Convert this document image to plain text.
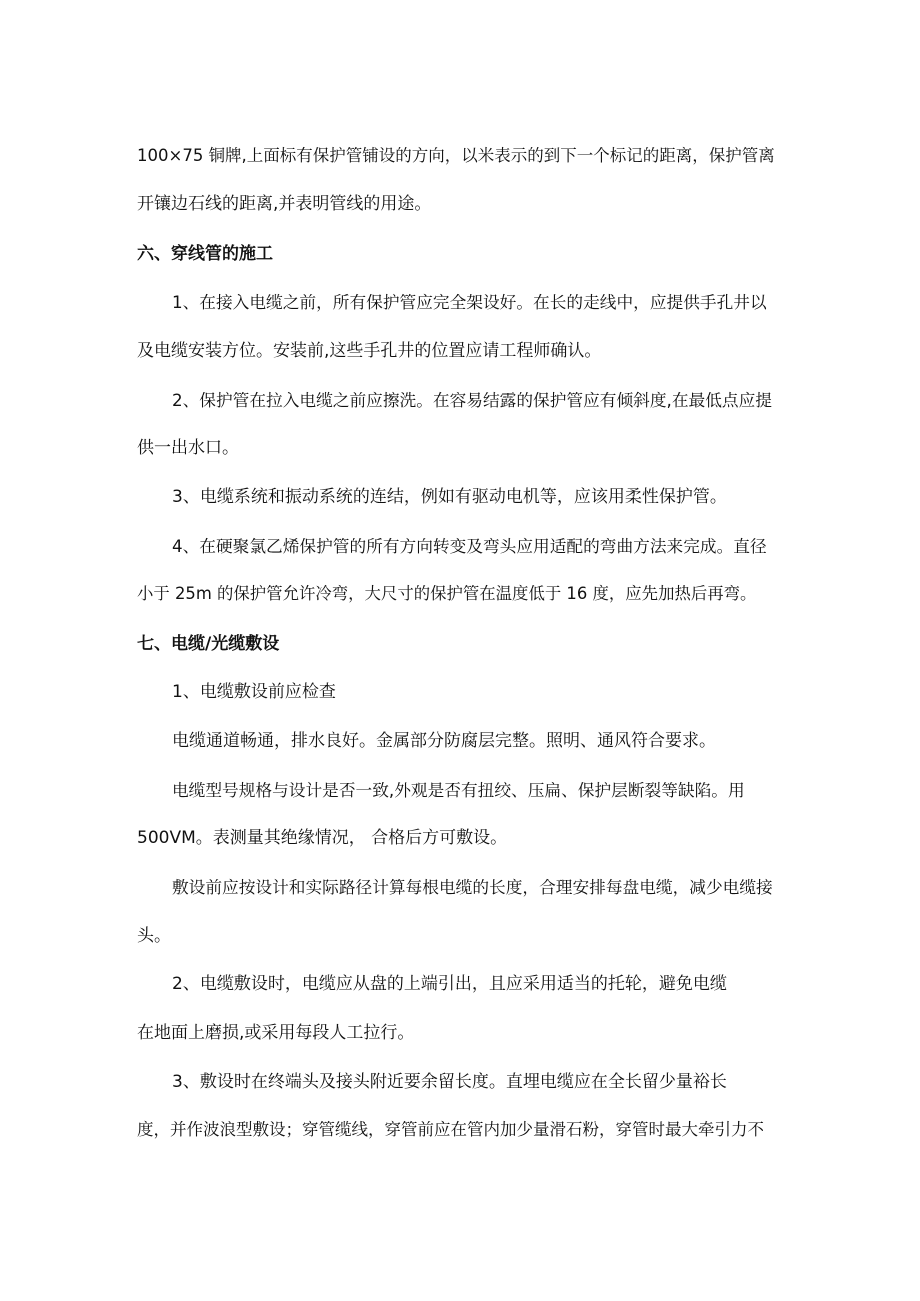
100×75 铜牌,上面标有保护管铺设的方向，以米表示的到下一个标记的距离，保护管离

开镶边石线的距离,并表明管线的用途。

六、穿线管的施工

1、在接入电缆之前，所有保护管应完全架设好。在长的走线中，应提供手孔井以

及电缆安装方位。安装前,这些手孔井的位置应请工程师确认。

2、保护管在拉入电缆之前应擦洗。在容易结露的保护管应有倾斜度,在最低点应提

供一出水口。

3、电缆系统和振动系统的连结，例如有驱动电机等，应该用柔性保护管。

4、在硬聚氯乙烯保护管的所有方向转变及弯头应用适配的弯曲方法来完成。直径

小于 25m 的保护管允许冷弯，大尺寸的保护管在温度低于 16 度，应先加热后再弯。

七、电缆/光缆敷设

1、电缆敷设前应检查

电缆通道畅通，排水良好。金属部分防腐层完整。照明、通风符合要求。

电缆型号规格与设计是否一致,外观是否有扭绞、压扁、保护层断裂等缺陷。用

500VM。表测量其绝缘情况， 合格后方可敷设。

敷设前应按设计和实际路径计算每根电缆的长度，合理安排每盘电缆，减少电缆接

头。

2、电缆敷设时，电缆应从盘的上端引出，且应采用适当的托轮，避免电缆

在地面上磨损,或采用每段人工拉行。

3、敷设时在终端头及接头附近要余留长度。直埋电缆应在全长留少量裕长

度，并作波浪型敷设；穿管缆线，穿管前应在管内加少量滑石粉，穿管时最大牵引力不
